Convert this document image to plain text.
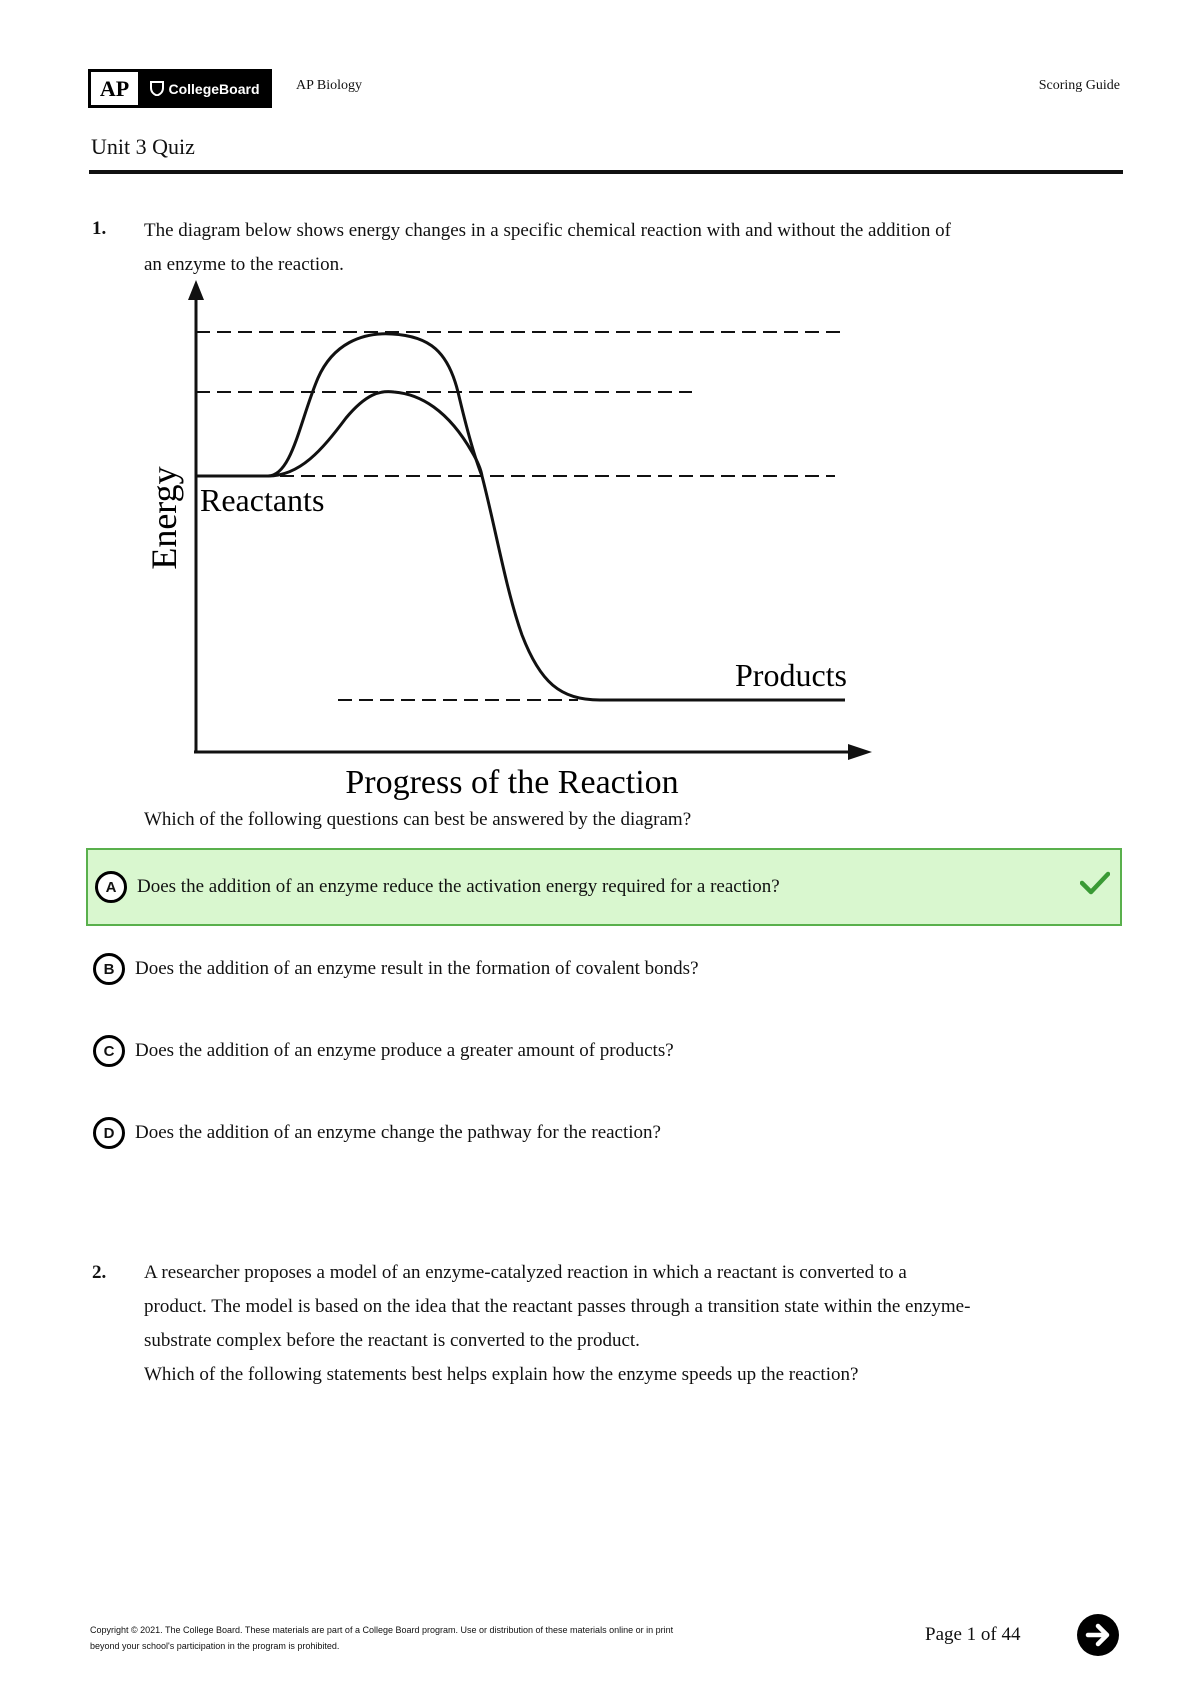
AP	CollegeBoard	AP Biology	Scoring Guide
Unit 3 Quiz
1. The diagram below shows energy changes in a specific chemical reaction with and without the addition of
an enzyme to the reaction.
Energy Reactants
Products
Progress of the Reaction
Which of the following questions can best be answered by the diagram?
A	Does the addition of an enzyme reduce the activation energy required for a reaction?
B	Does the addition of an enzyme result in the formation of covalent bonds?
C	Does the addition of an enzyme produce a greater amount of products?
D	Does the addition of an enzyme change the pathway for the reaction?
2. A researcher proposes a model of an enzyme-catalyzed reaction in which a reactant is converted to a
product. The model is based on the idea that the reactant passes through a transition state within the enzyme-
substrate complex before the reactant is converted to the product.
Which of the following statements best helps explain how the enzyme speeds up the reaction?
Copyright © 2021. The College Board. These materials are part of a College Board program. Use or distribution of these materials online or in print
beyond your school's participation in the program is prohibited.
Page 1 of 44
